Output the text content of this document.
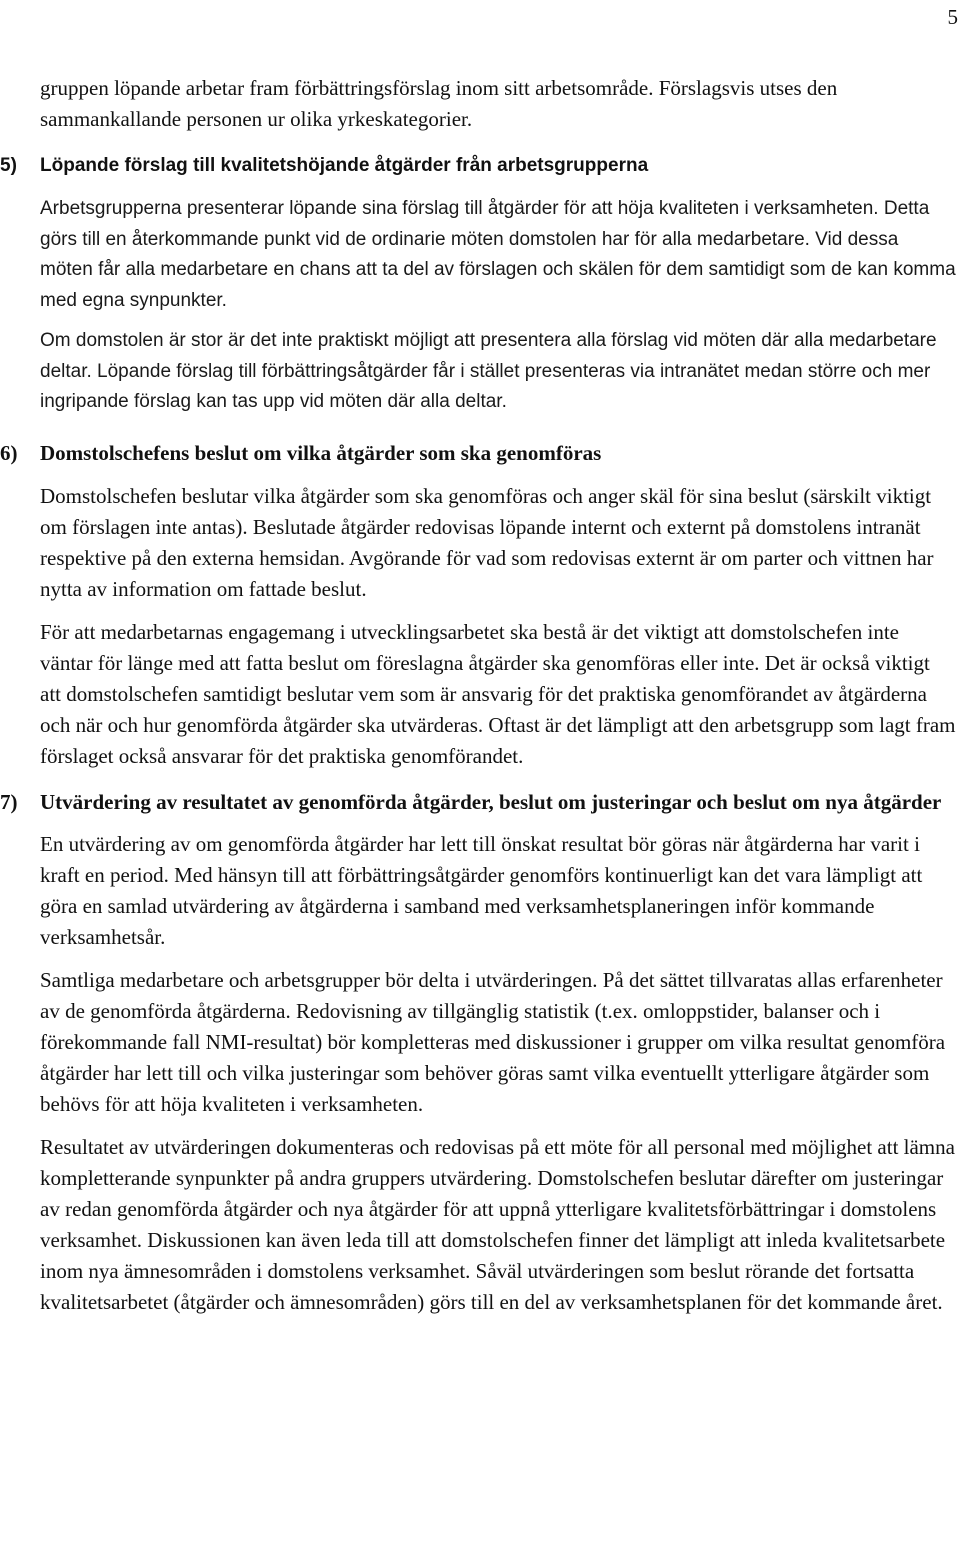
5

gruppen löpande arbetar fram förbättringsförslag inom sitt arbetsområde. Förslagsvis utses den sammankallande personen ur olika yrkeskategorier.

5)	Löpande förslag till kvalitetshöjande åtgärder från arbetsgrupperna

Arbetsgrupperna presenterar löpande sina förslag till åtgärder för att höja kvaliteten i verksamheten. Detta görs till en återkommande punkt vid de ordinarie möten domstolen har för alla medarbetare. Vid dessa möten får alla medarbetare en chans att ta del av förslagen och skälen för dem samtidigt som de kan komma med egna synpunkter.

Om domstolen är stor är det inte praktiskt möjligt att presentera alla förslag vid möten där alla medarbetare deltar. Löpande förslag till förbättringsåtgärder får i stället presenteras via intranätet medan större och mer ingripande förslag kan tas upp vid möten där alla deltar.

6)	Domstolschefens beslut om vilka åtgärder som ska genomföras

Domstolschefen beslutar vilka åtgärder som ska genomföras och anger skäl för sina beslut (särskilt viktigt om förslagen inte antas). Beslutade åtgärder redovisas löpande internt och externt på domstolens intranät respektive på den externa hemsidan. Avgörande för vad som redovisas externt är om parter och vittnen har nytta av information om fattade beslut.

För att medarbetarnas engagemang i utvecklingsarbetet ska bestå är det viktigt att domstolschefen inte väntar för länge med att fatta beslut om föreslagna åtgärder ska genomföras eller inte. Det är också viktigt att domstolschefen samtidigt beslutar vem som är ansvarig för det praktiska genomförandet av åtgärderna och när och hur genomförda åtgärder ska utvärderas. Oftast är det lämpligt att den arbetsgrupp som lagt fram förslaget också ansvarar för det praktiska genomförandet.

7)	Utvärdering av resultatet av genomförda åtgärder, beslut om justeringar och beslut om nya åtgärder

En utvärdering av om genomförda åtgärder har lett till önskat resultat bör göras när åtgärderna har varit i kraft en period. Med hänsyn till att förbättringsåtgärder genomförs kontinuerligt kan det vara lämpligt att göra en samlad utvärdering av åtgärderna i samband med verksamhetsplaneringen inför kommande verksamhetsår.

Samtliga medarbetare och arbetsgrupper bör delta i utvärderingen. På det sättet tillvaratas allas erfarenheter av de genomförda åtgärderna. Redovisning av tillgänglig statistik (t.ex. omloppstider, balanser och i förekommande fall NMI-resultat) bör kompletteras med diskussioner i grupper om vilka resultat genomföra åtgärder har lett till och vilka justeringar som behöver göras samt vilka eventuellt ytterligare åtgärder som behövs för att höja kvaliteten i verksamheten.

Resultatet av utvärderingen dokumenteras och redovisas på ett möte för all personal med möjlighet att lämna kompletterande synpunkter på andra gruppers utvärdering. Domstolschefen beslutar därefter om justeringar av redan genomförda åtgärder och nya åtgärder för att uppnå ytterligare kvalitetsförbättringar i domstolens verksamhet. Diskussionen kan även leda till att domstolschefen finner det lämpligt att inleda kvalitetsarbete inom nya ämnesområden i domstolens verksamhet. Såväl utvärderingen som beslut rörande det fortsatta kvalitetsarbetet (åtgärder och ämnesområden) görs till en del av verksamhetsplanen för det kommande året.
